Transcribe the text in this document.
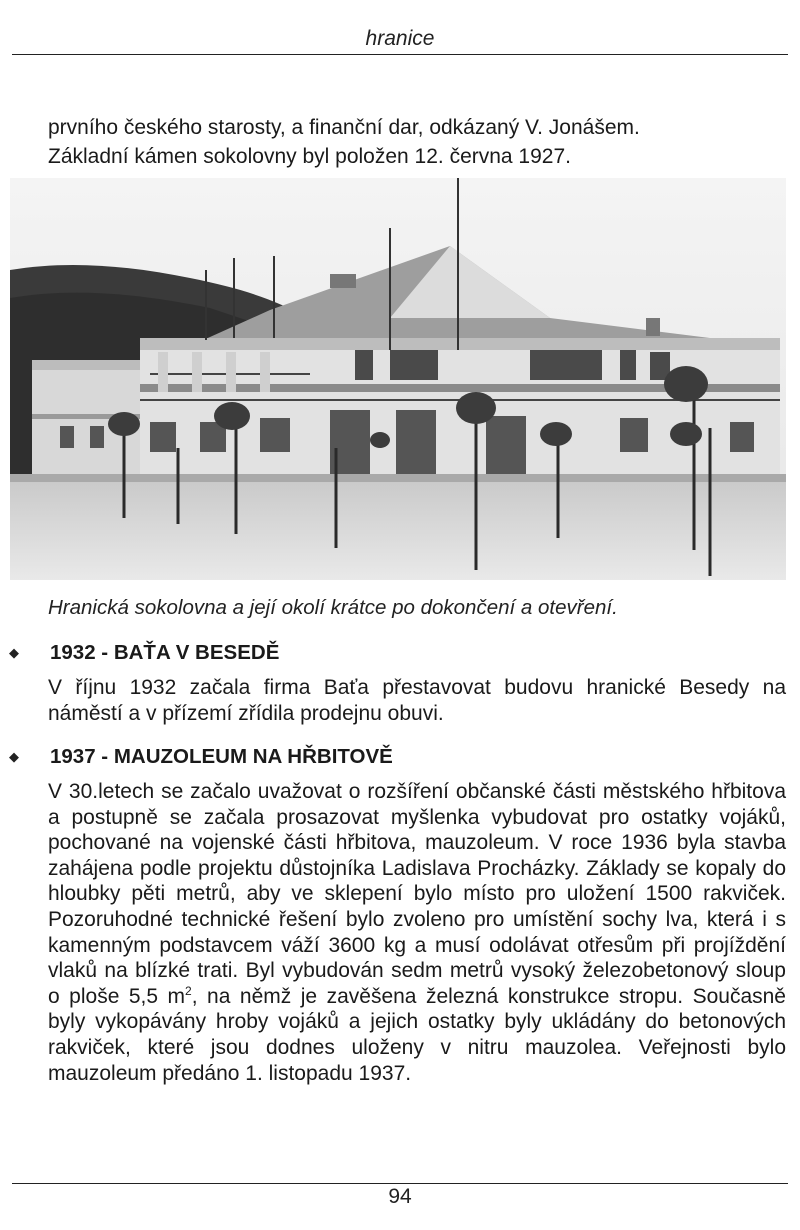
hranice
prvního českého starosty, a finanční dar, odkázaný V. Jonášem.
Základní kámen sokolovny byl položen 12. června 1927.
Hranická sokolovna a její okolí krátce po dokončení a otevření.
◆ 1932 - BAŤA V BESEDĚ

V říjnu 1932 začala firma Baťa přestavovat budovu hranické Besedy na náměstí a v přízemí zřídila prodejnu obuvi.

◆ 1937 - MAUZOLEUM NA HŘBITOVĚ

V 30.letech se začalo uvažovat o rozšíření občanské části městského hřbitova a postupně se začala prosazovat myšlenka vybudovat pro ostatky vojáků, pochované na vojenské části hřbitova, mauzoleum. V roce 1936 byla stavba zahájena podle projektu důstojníka Ladislava Procházky. Základy se kopaly do hloubky pěti metrů, aby ve sklepení bylo místo pro uložení 1500 rakviček. Pozoruhodné technické řešení bylo zvoleno pro umístění sochy lva, která i s kamenným podstavcem váží 3600 kg a musí odolávat otřesům při projíždění vlaků na blízké trati. Byl vybudován sedm metrů vysoký železobetonový sloup o ploše 5,5 $m^2$, na němž je zavěšena železná konstrukce stropu. Současně byly vykopávány hroby vojáků a jejich ostatky byly ukládány do betonových rakviček, které jsou dodnes uloženy v nitru mauzolea. Veřejnosti bylo mauzoleum předáno 1. listopadu 1937.

94
